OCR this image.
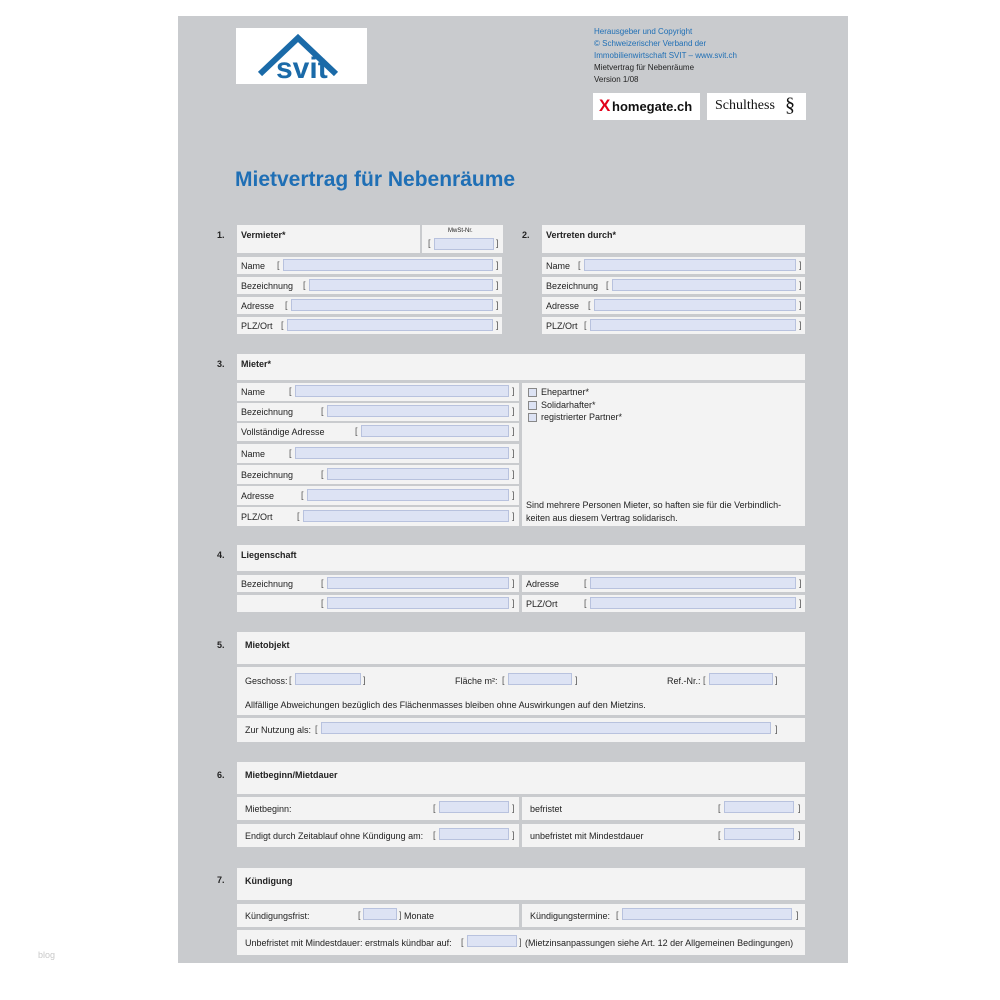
svit
Herausgeber und Copyright
© Schweizerischer Verband der
Immobilienwirtschaft SVIT – www.svit.ch
Mietvertrag für Nebenräume
Version 1/08
X homegate.ch Schulthess §
Mietvertrag für Nebenräume
1. Vermieter*	MwSt-Nr.
[	]
Name [	]
Bezeichnung [	]
Adresse [	]
PLZ/Ort [	]
2. Vertreten durch*
Name [	]
Bezeichnung [	]
Adresse [	]
PLZ/Ort [	]
3. Mieter*
Name	[	]
Bezeichnung	[	]
Vollständige Adresse	[	]
Name	[	]
Bezeichnung	[	]
Adresse	[	]
PLZ/Ort	[	]
Ehepartner*
Solidarhafter*
registrierter Partner*
Sind mehrere Personen Mieter, so haften sie für die Verbindlich-
keiten aus diesem Vertrag solidarisch.
4. Liegenschaft
Bezeichnung	[	]
[	]
Adresse	[	]
PLZ/Ort	[	]
5. Mietobjekt
Geschoss: [	]	Fläche m²: [	]	Ref.-Nr.: [	]
Allfällige Abweichungen bezüglich des Flächenmasses bleiben ohne Auswirkungen auf den Mietzins.
Zur Nutzung als: [	]
6. Mietbeginn/Mietdauer
Mietbeginn:	[	]
Endigt durch Zeitablauf ohne Kündigung am: [	]
befristet	[	]
unbefristet mit Mindestdauer	[	]
7. Kündigung
Kündigungsfrist:	[	] Monate	Kündigungstermine: [	]
Unbefristet mit Mindestdauer: erstmals kündbar auf: [	] (Mietzinsanpassungen siehe Art. 12 der Allgemeinen Bedingungen)
blog
